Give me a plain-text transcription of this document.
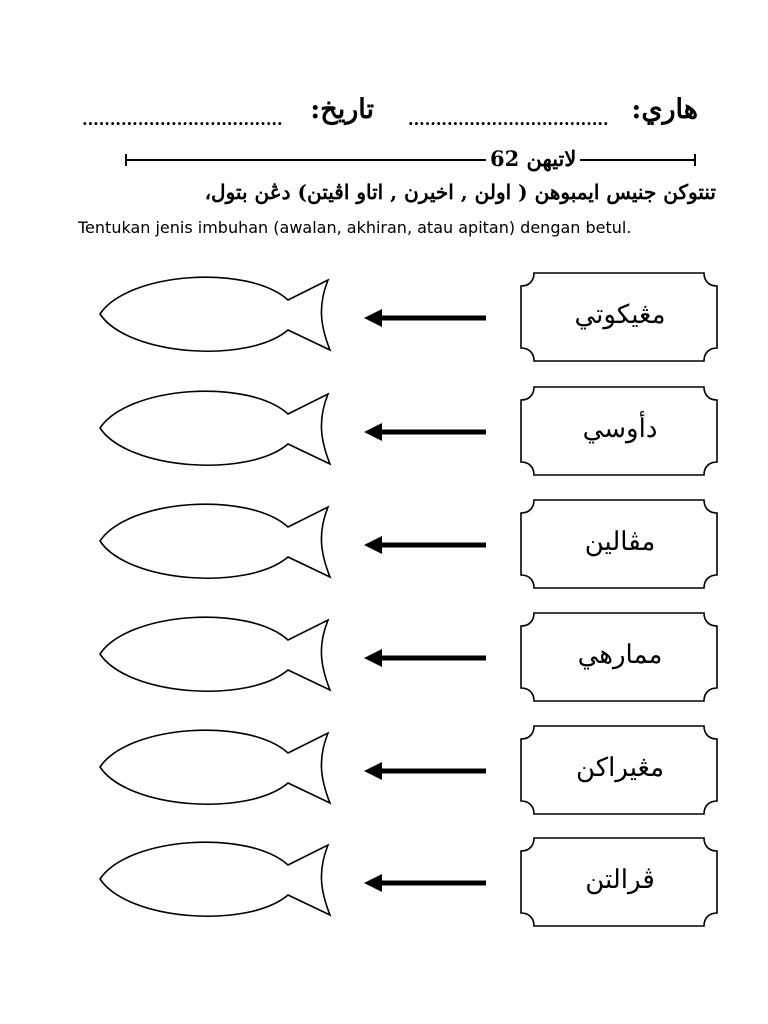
هاري:
....................................
تاريخ:
....................................
لاتيهن 62
تنتوكن جنيس ايمبوهن ( اولن , اخيرن , اتاو اڤيتن) دڠن بتول،
Tentukan jenis imbuhan (awalan, akhiran, atau apitan) dengan betul.
مڠيكوتي
دأوسي
مڤالين
ممارهي
مڠيراكن
ڤرالتن
